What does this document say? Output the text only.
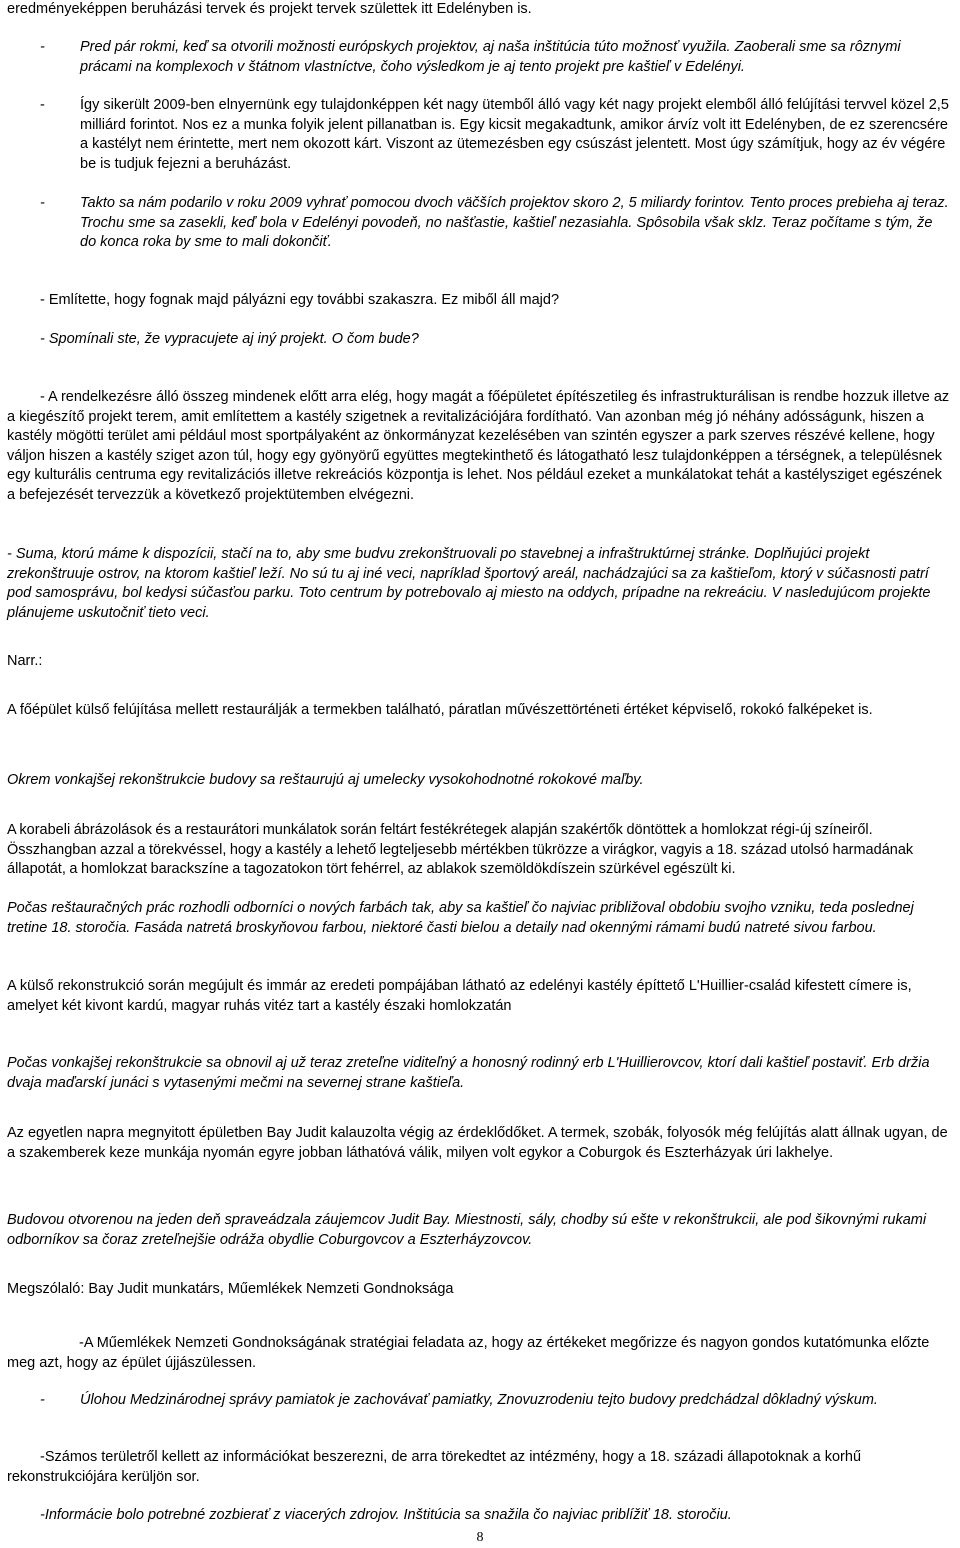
eredményeképpen beruházási tervek és projekt tervek születtek itt Edelényben is.

- Pred pár rokmi, keď sa otvorili možnosti európskych projektov, aj naša inštitúcia túto možnosť využila. Zaoberali sme sa rôznymi prácami na komplexoch v štátnom vlastníctve, čoho výsledkom je aj tento projekt pre kaštieľ v Edelényi.
- Így sikerült 2009-ben elnyernünk egy tulajdonképpen két nagy ütemből álló vagy két nagy projekt elemből álló felújítási tervvel közel 2,5 milliárd forintot. Nos ez a munka folyik jelent pillanatban is. Egy kicsit megakadtunk, amikor árvíz volt itt Edelényben, de ez szerencsére a kastélyt nem érintette, mert nem okozott kárt. Viszont az ütemezésben egy csúszást jelentett. Most úgy számítjuk, hogy az év végére be is tudjuk fejezni a beruházást.
- Takto sa nám podarilo v roku 2009 vyhrať pomocou dvoch väčších projektov skoro 2, 5 miliardy forintov. Tento proces prebieha aj teraz. Trochu sme sa zasekli, keď bola v Edelényi povodeň, no našťastie, kaštieľ nezasiahla. Spôsobila však sklz. Teraz počítame s tým, že do konca roka by sme to mali dokončiť.

- Említette, hogy fognak majd pályázni egy további szakaszra. Ez miből áll majd?

- Spomínali ste, že vypracujete aj iný projekt. O čom bude?

- A rendelkezésre álló összeg mindenek előtt arra elég, hogy magát a főépületet építészetileg és infrastrukturálisan is rendbe hozzuk illetve az a kiegészítő projekt terem, amit említettem a kastély szigetnek a revitalizációjára fordítható. Van azonban még jó néhány adósságunk, hiszen a kastély mögötti terület ami például most sportpályaként az önkormányzat kezelésében van szintén egyszer a park szerves részévé kellene, hogy váljon hiszen a kastély sziget azon túl, hogy egy gyönyörű együttes megtekinthető és látogatható lesz tulajdonképpen a térségnek, a településnek egy kulturális centruma egy revitalizációs illetve rekreációs központja is lehet. Nos például ezeket a munkálatokat tehát a kastélysziget egészének a befejezését tervezzük a következő projektütemben elvégezni.

- Suma, ktorú máme k dispozícii, stačí na to, aby sme budvu zrekonštruovali po stavebnej a infraštruktúrnej stránke. Doplňujúci projekt zrekonštruuje ostrov, na ktorom kaštieľ leží. No sú tu aj iné veci, napríklad športový areál, nachádzajúci sa za kaštieľom, ktorý v súčasnosti patrí pod samosprávu, bol kedysi súčasťou parku. Toto centrum by potrebovalo aj miesto na oddych, prípadne na rekreáciu. V nasledujúcom projekte plánujeme uskutočniť tieto veci.

Narr.:

A főépület külső felújítása mellett restaurálják a termekben található, páratlan művészettörténeti értéket képviselő, rokokó falképeket is.

Okrem vonkajšej rekonštrukcie budovy sa reštaurujú aj umelecky vysokohodnotné rokokové maľby.

A korabeli ábrázolások és a restaurátori munkálatok során feltárt festékrétegek alapján szakértők döntöttek a homlokzat régi-új színeiről. Összhangban azzal a törekvéssel, hogy a kastély a lehető legteljesebb mértékben tükrözze a virágkor, vagyis a 18. század utolsó harmadának állapotát, a homlokzat barackszíne a tagozatokon tört fehérrel, az ablakok szemöldökdíszein szürkével egészült ki.

Počas reštauračných prác rozhodli odborníci o nových farbách tak, aby sa kaštieľ čo najviac približoval obdobiu svojho vzniku, teda poslednej tretine 18. storočia. Fasáda natretá broskyňovou farbou, niektoré časti bielou a detaily nad okennými rámami budú natreté sivou farbou.

A külső rekonstrukció során megújult és immár az eredeti pompájában látható az edelényi kastély építtető L'Huillier-család kifestett címere is, amelyet két kivont kardú, magyar ruhás vitéz tart a kastély északi homlokzatán

Počas vonkajšej rekonštrukcie sa obnovil aj už teraz zreteľne viditeľný a honosný rodinný erb L'Huillierovcov, ktorí dali kaštieľ postaviť. Erb držia dvaja maďarskí junáci s vytasenými mečmi na severnej strane kaštieľa.

Az egyetlen napra megnyitott épületben Bay Judit kalauzolta végig az érdeklődőket. A termek, szobák, folyosók még felújítás alatt állnak ugyan, de a szakemberek keze munkája nyomán egyre jobban láthatóvá válik, milyen volt egykor a Coburgok és Eszterházyak úri lakhelye.

Budovou otvorenou na jeden deň spraveádzala záujemcov Judit Bay. Miestnosti, sály, chodby sú ešte v rekonštrukcii, ale pod šikovnými rukami odborníkov sa čoraz zreteľnejšie odráža obydlie Coburgovcov a Eszterháyzovcov.

Megszólaló: Bay Judit munkatárs, Műemlékek Nemzeti Gondnoksága

-A Műemlékek Nemzeti Gondnokságának stratégiai feladata az, hogy az értékeket megőrizze és nagyon gondos kutatómunka előzte meg azt, hogy az épület újjászülessen.

- Úlohou Medzinárodnej správy pamiatok je zachovávať pamiatky, Znovuzrodeniu tejto budovy predchádzal dôkladný výskum.

-Számos területről kellett az információkat beszerezni, de arra törekedtet az intézmény, hogy a 18. századi állapotoknak a korhű rekonstrukciójára kerüljön sor.

-Informácie bolo potrebné zozbierať z viacerých zdrojov. Inštitúcia sa snažila čo najviac priblížiť 18. storočiu.

8
